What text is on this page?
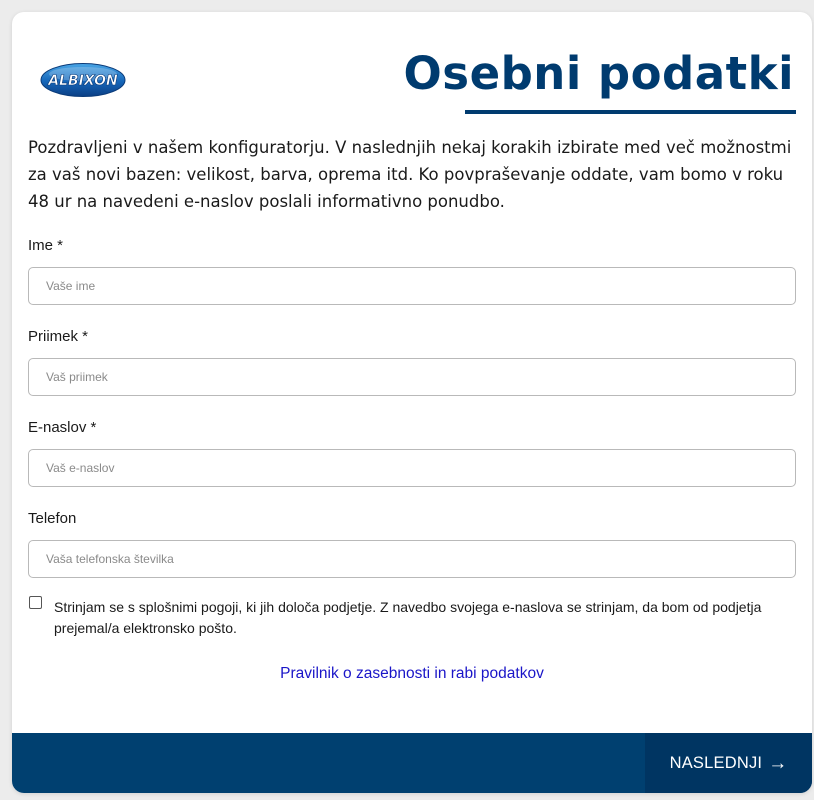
ALBIXON	Osebni podatki

Pozdravljeni v našem konfiguratorju. V naslednjih nekaj korakih izbirate med več možnostmi za vaš novi bazen: velikost, barva, oprema itd. Ko povpraševanje oddate, vam bomo v roku 48 ur na navedeni e-naslov poslali informativno ponudbo.

Ime *
Vaše ime
Priimek *
Vaš priimek
E-naslov *
Vaš e-naslov
Telefon
Vaša telefonska številka
Strinjam se s splošnimi pogoji, ki jih določa podjetje. Z navedbo svojega e-naslova se strinjam, da bom od podjetja prejemal/a elektronsko pošto.
Pravilnik o zasebnosti in rabi podatkov
NASLEDNJI →
